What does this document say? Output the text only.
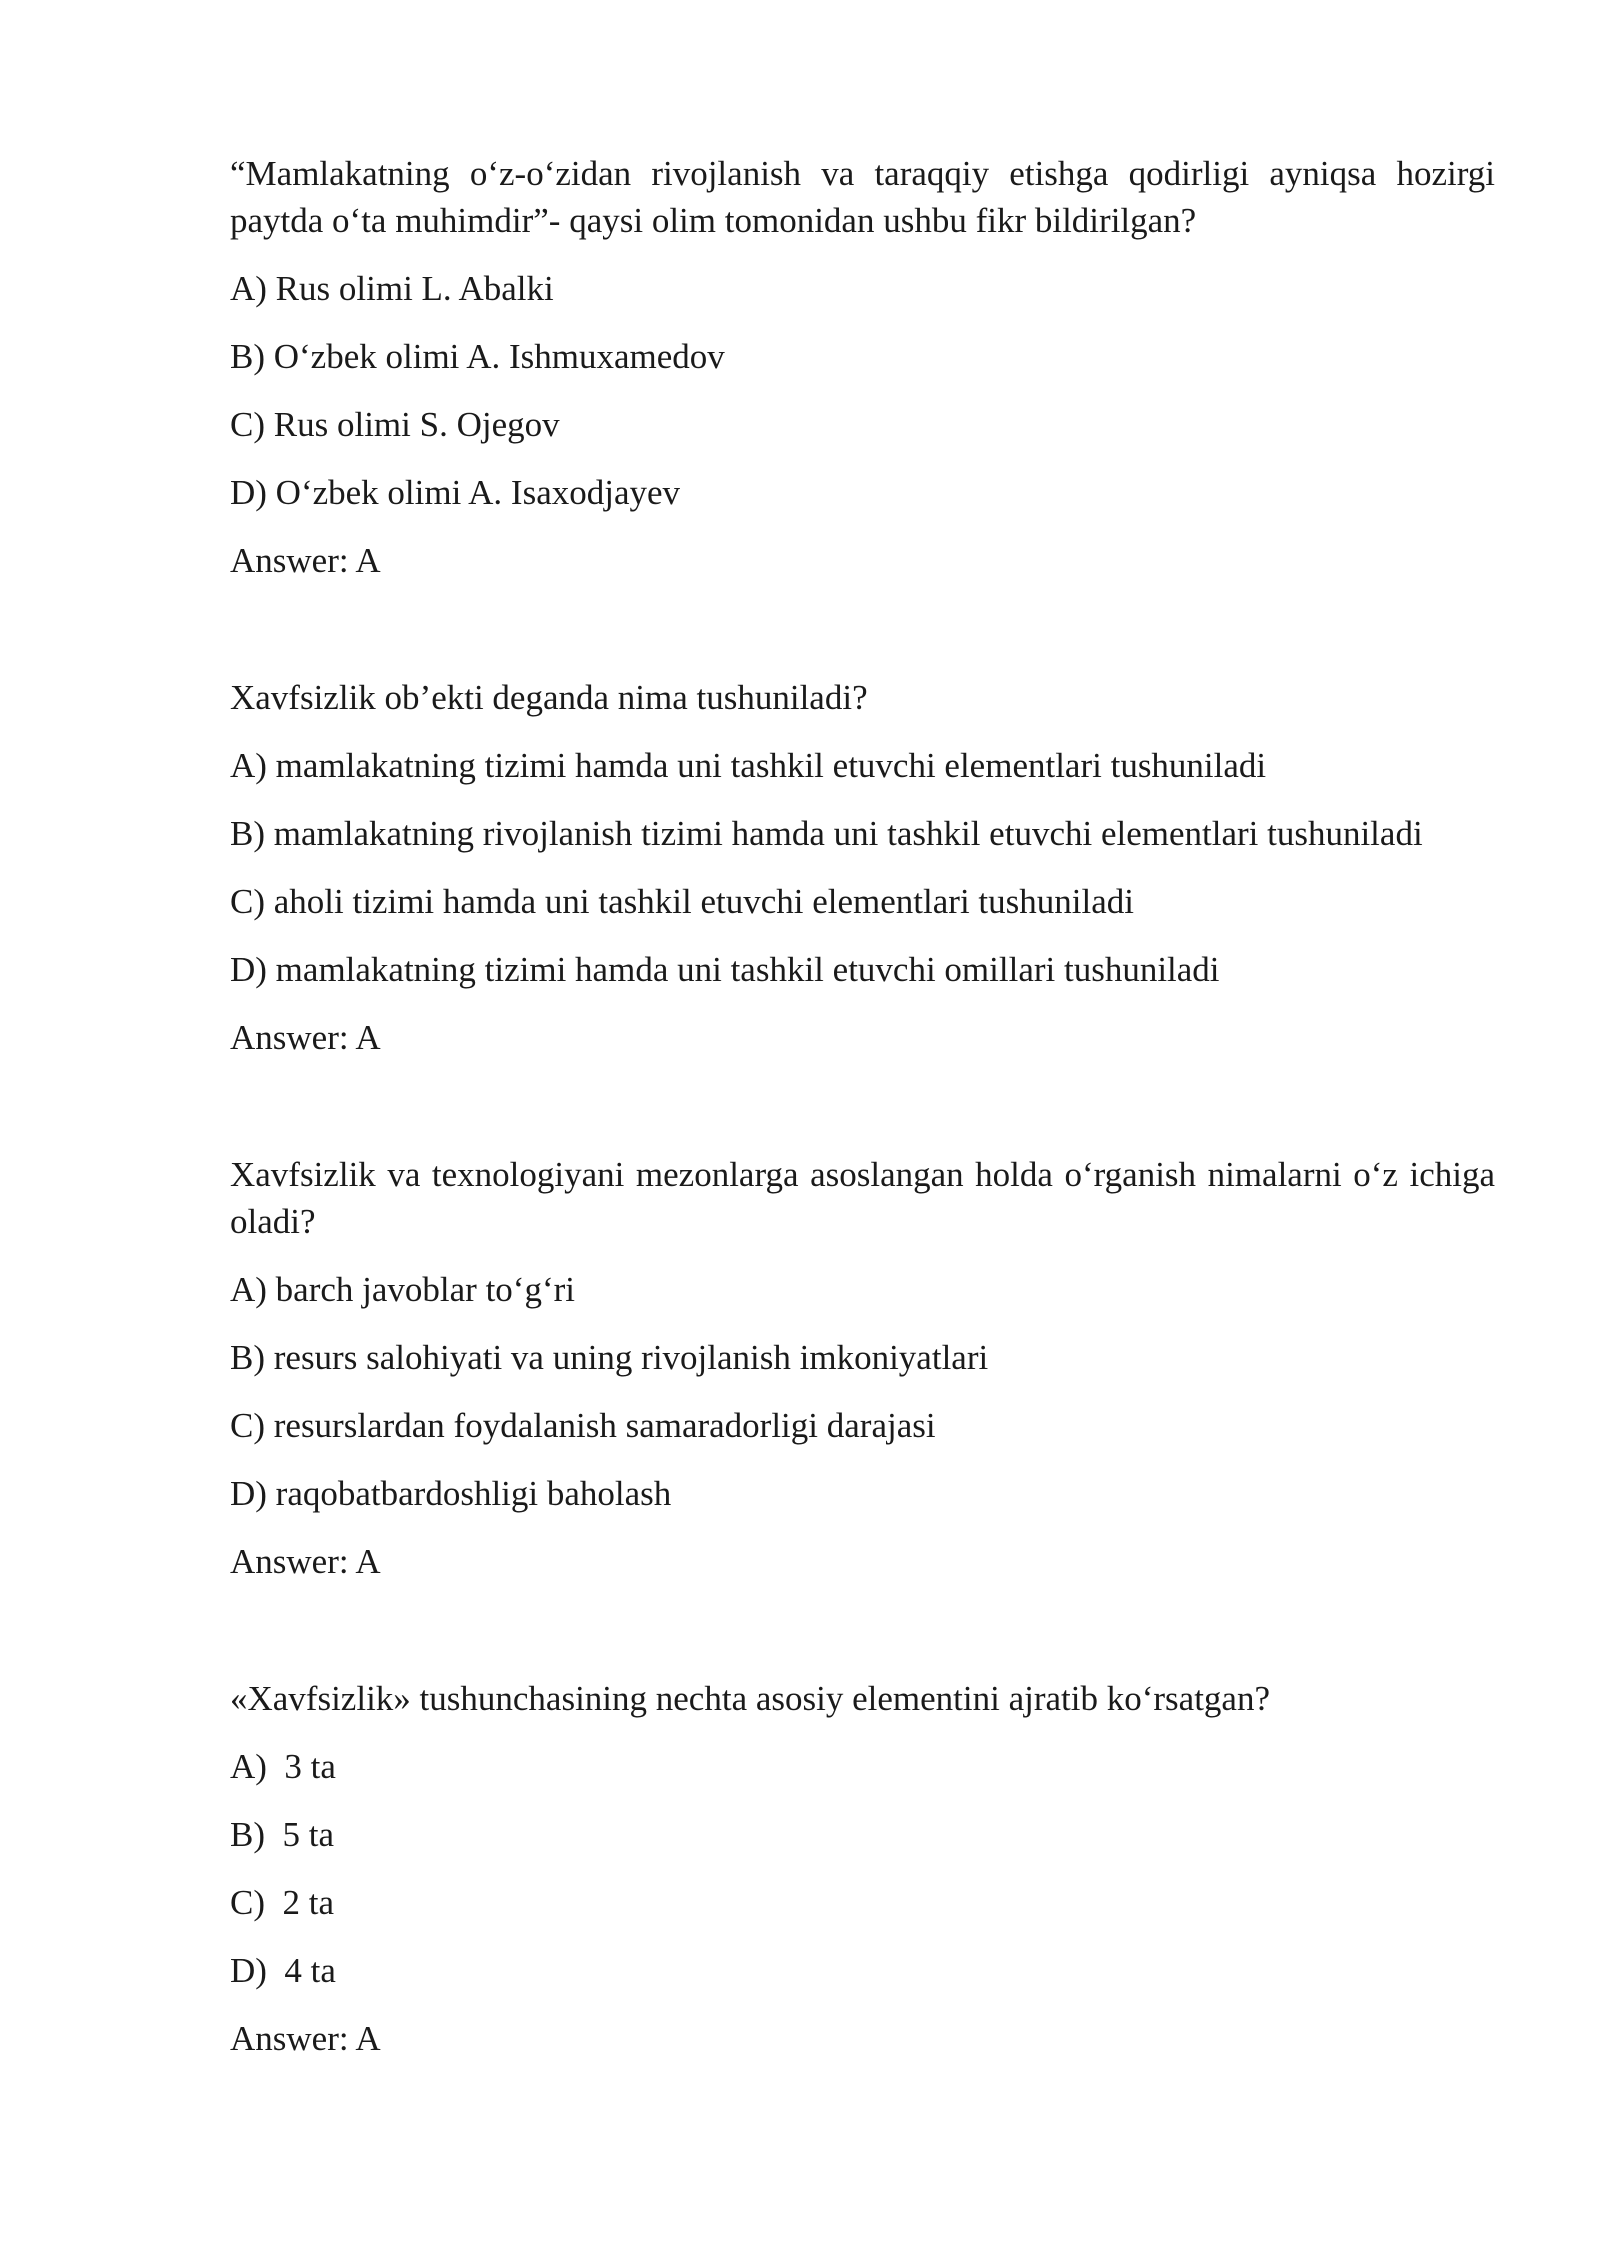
“Mamlakatning o‘z-o‘zidan rivojlanish va taraqqiy etishga qodirligi ayniqsa hozirgi paytda o‘ta muhimdir”- qaysi olim tomonidan ushbu fikr bildirilgan?

A) Rus olimi L. Abalki

B) O‘zbek olimi A. Ishmuxamedov

C) Rus olimi S. Ojegov

D) O‘zbek olimi A. Isaxodjayev

Answer: A

Xavfsizlik ob’ekti deganda nima tushuniladi?

A) mamlakatning tizimi hamda uni tashkil etuvchi elementlari tushuniladi

B) mamlakatning rivojlanish tizimi hamda uni tashkil etuvchi elementlari tushuniladi

C) aholi tizimi hamda uni tashkil etuvchi elementlari tushuniladi

D) mamlakatning tizimi hamda uni tashkil etuvchi omillari tushuniladi

Answer: A

Xavfsizlik va texnologiyani mezonlarga asoslangan holda o‘rganish nimalarni o‘z ichiga oladi?

A) barch javoblar to‘g‘ri

B) resurs salohiyati va uning rivojlanish imkoniyatlari

C) resurslardan foydalanish samaradorligi darajasi

D) raqobatbardoshligi baholash

Answer: A

«Xavfsizlik» tushunchasining nechta asosiy elementini ajratib ko‘rsatgan?

A)  3 ta

B)  5 ta

C)  2 ta

D)  4 ta

Answer: A
